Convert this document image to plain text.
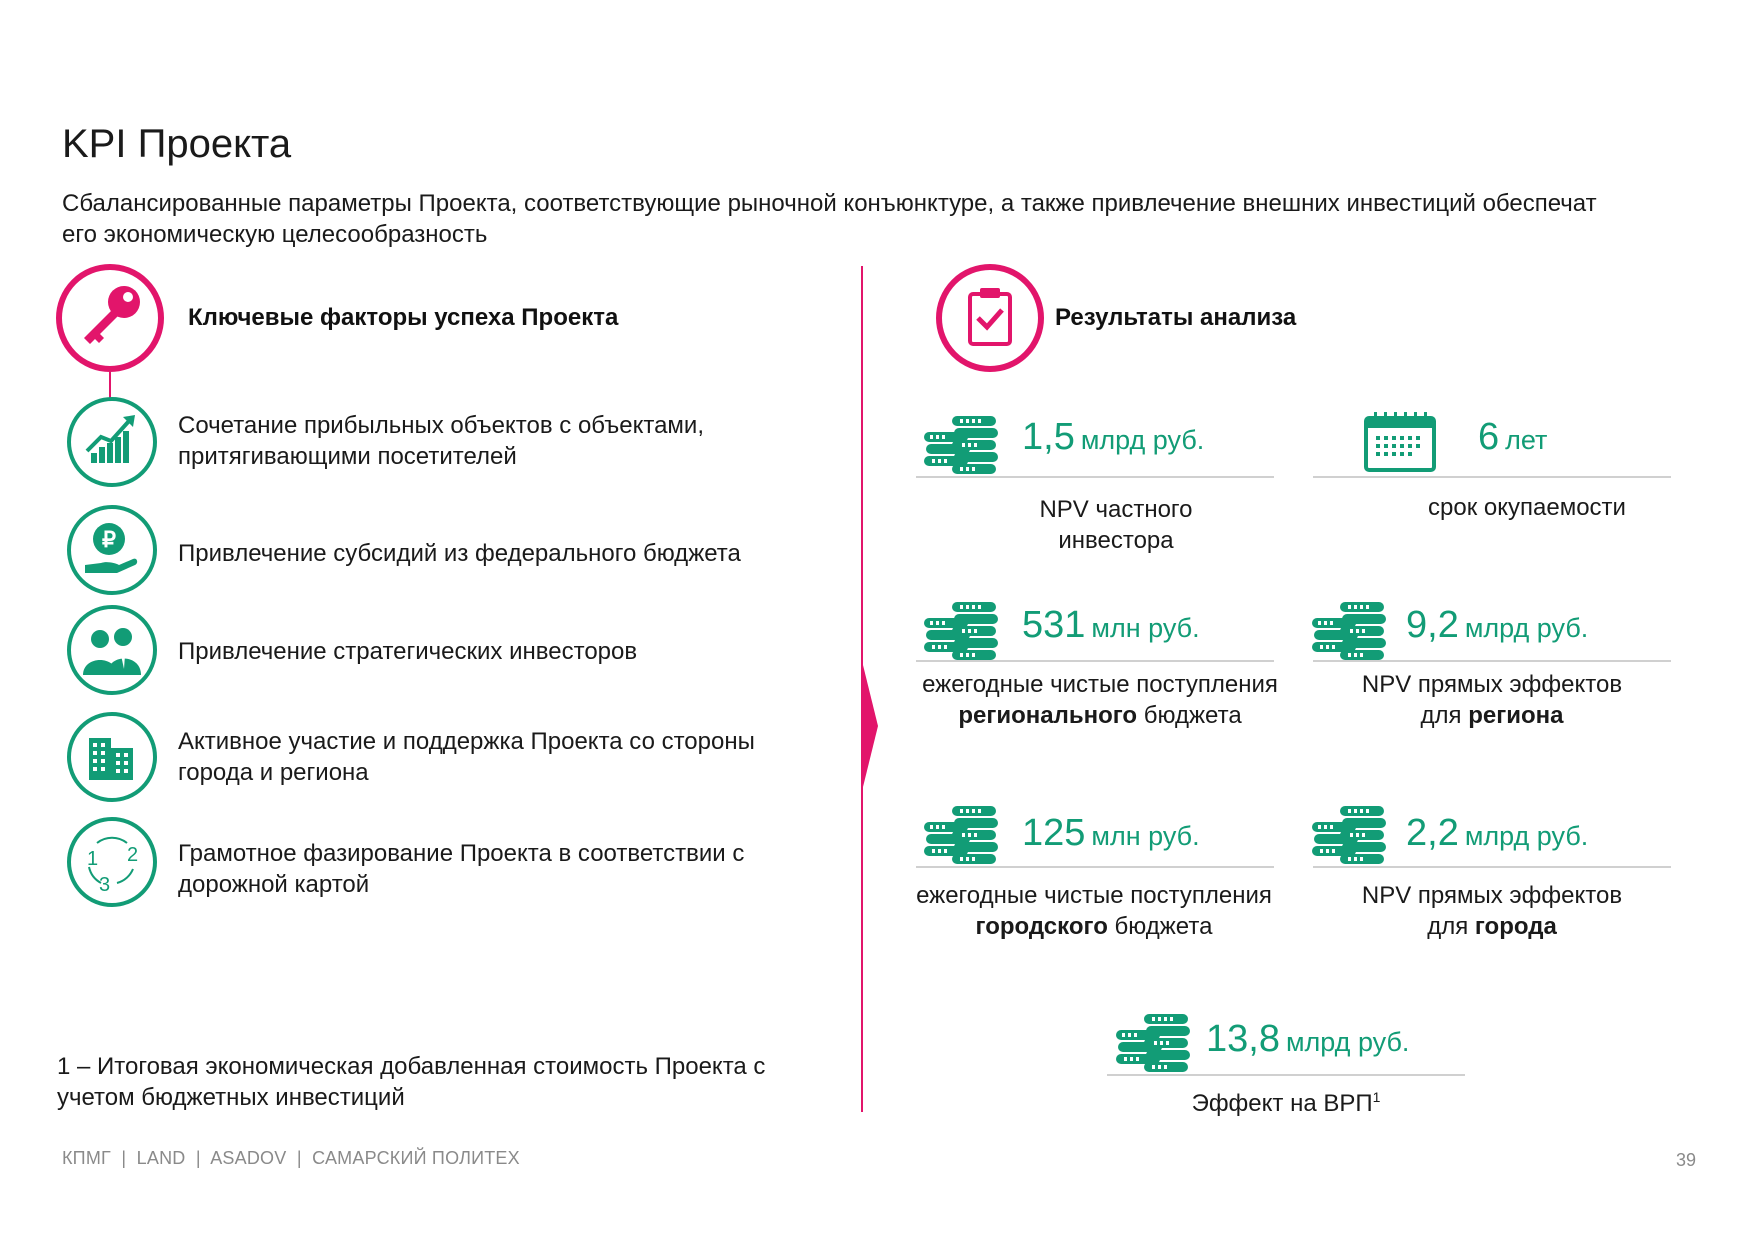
KPI Проекта
Сбалансированные параметры Проекта, соответствующие рыночной конъюнктуре, а также привлечение внешних инвестиций обеспечат его экономическую целесообразность
Ключевые факторы успеха Проекта
Сочетание прибыльных объектов с объектами, притягивающими посетителей
₽
Привлечение субсидий из федерального бюджета
Привлечение стратегических инвесторов
Активное участие и поддержка Проекта со стороны города и региона
1 2
3
Грамотное фазирование Проекта в соответствии с дорожной картой
Результаты анализа
1,5 млрд руб.
NPV частного инвестора
6 лет
срок окупаемости
531 млн руб.
ежегодные чистые поступления
регионального бюджета
9,2 млрд руб.
NPV прямых эффектов
для региона
125 млн руб.
ежегодные чистые поступления
городского бюджета
2,2 млрд руб.
NPV прямых эффектов
для города
13,8 млрд руб.
Эффект на ВРП$^1$
1 – Итоговая экономическая добавленная стоимость Проекта с учетом бюджетных инвестиций
КПМГ | LAND | ASADOV | САМАРСКИЙ ПОЛИТЕХ	39
